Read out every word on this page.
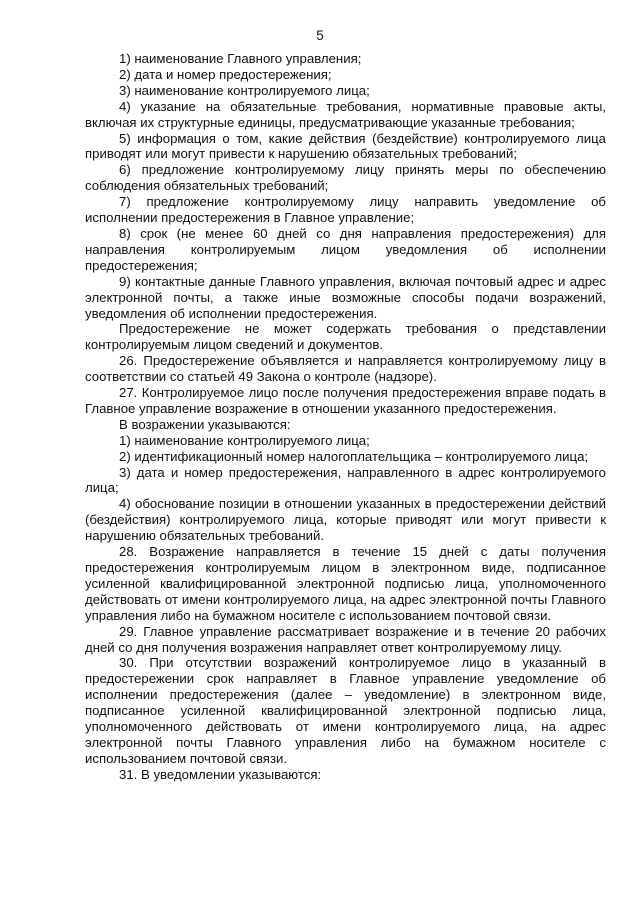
5

1) наименование Главного управления;

2) дата и номер предостережения;

3) наименование контролируемого лица;

4) указание на обязательные требования, нормативные правовые акты, включая их структурные единицы, предусматривающие указанные требования;

5) информация о том, какие действия (бездействие) контролируемого лица приводят или могут привести к нарушению обязательных требований;

6) предложение контролируемому лицу принять меры по обеспечению соблюдения обязательных требований;

7) предложение контролируемому лицу направить уведомление об исполнении предостережения в Главное управление;

8) срок (не менее 60 дней со дня направления предостережения) для направления контролируемым лицом уведомления об исполнении предостережения;

9) контактные данные Главного управления, включая почтовый адрес и адрес электронной почты, а также иные возможные способы подачи возражений, уведомления об исполнении предостережения.

Предостережение не может содержать требования о представлении контролируемым лицом сведений и документов.

26. Предостережение объявляется и направляется контролируемому лицу в соответствии со статьей 49 Закона о контроле (надзоре).

27. Контролируемое лицо после получения предостережения вправе подать в Главное управление возражение в отношении указанного предостережения.

В возражении указываются:

1) наименование контролируемого лица;

2) идентификационный номер налогоплательщика – контролируемого лица;

3) дата и номер предостережения, направленного в адрес контролируемого лица;

4) обоснование позиции в отношении указанных в предостережении действий (бездействия) контролируемого лица, которые приводят или могут привести к нарушению обязательных требований.

28. Возражение направляется в течение 15 дней с даты получения предостережения контролируемым лицом в электронном виде, подписанное усиленной квалифицированной электронной подписью лица, уполномоченного действовать от имени контролируемого лица, на адрес электронной почты Главного управления либо на бумажном носителе с использованием почтовой связи.

29. Главное управление рассматривает возражение и в течение 20 рабочих дней со дня получения возражения направляет ответ контролируемому лицу.

30. При отсутствии возражений контролируемое лицо в указанный в предостережении срок направляет в Главное управление уведомление об исполнении предостережения (далее – уведомление) в электронном виде, подписанное усиленной квалифицированной электронной подписью лица, уполномоченного действовать от имени контролируемого лица, на адрес электронной почты Главного управления либо на бумажном носителе с использованием почтовой связи.

31. В уведомлении указываются:
